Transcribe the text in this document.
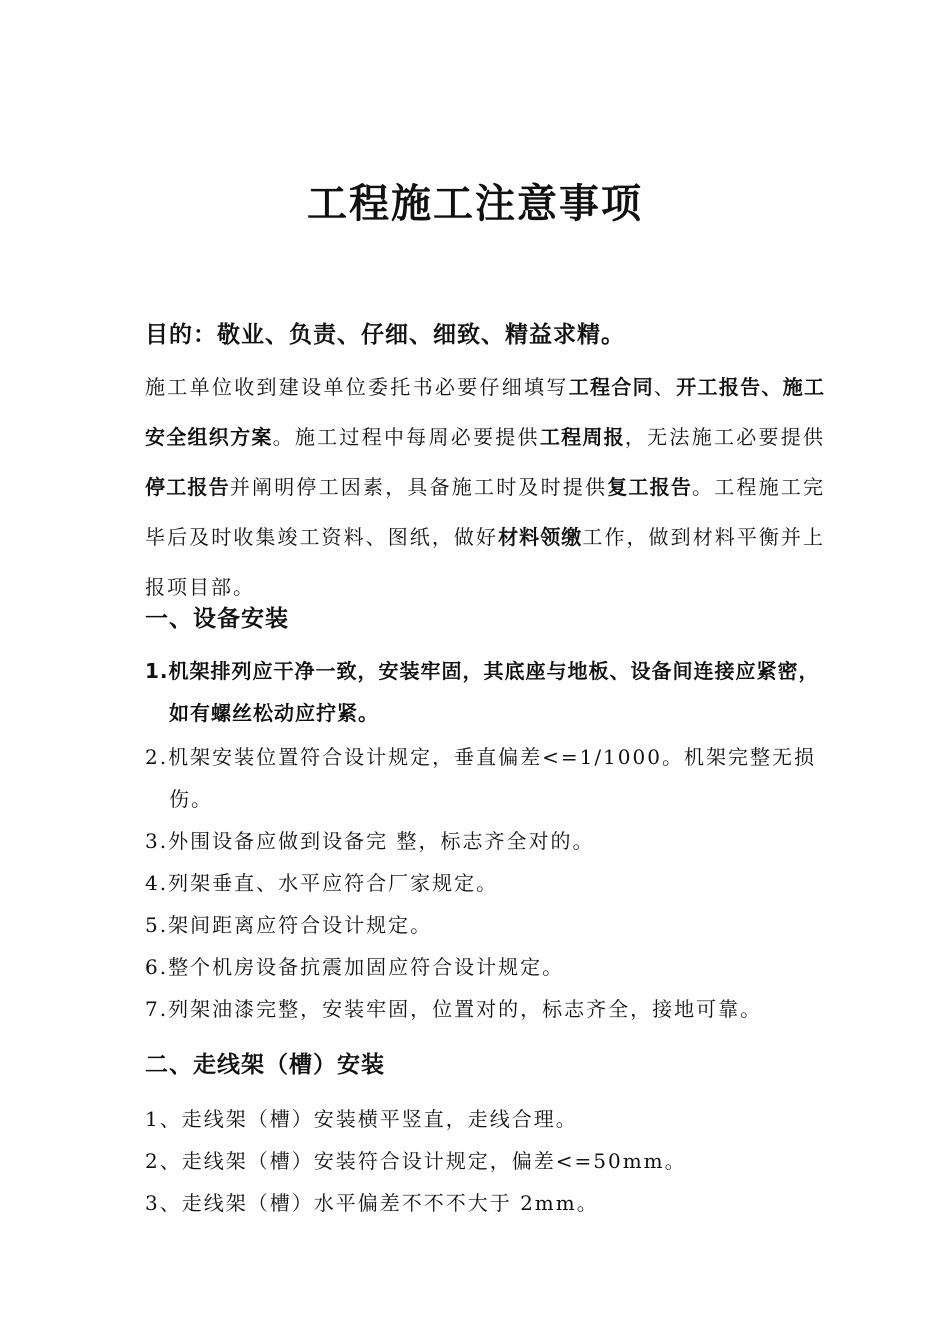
工程施工注意事项
目的：敬业、负责、仔细、细致、精益求精。
施工单位收到建设单位委托书必要仔细填写工程合同、开工报告、施工安全组织方案。施工过程中每周必要提供工程周报，无法施工必要提供停工报告并阐明停工因素，具备施工时及时提供复工报告。工程施工完毕后及时收集竣工资料、图纸，做好材料领缴工作，做到材料平衡并上报项目部。
一、设备安装
1.机架排列应干净一致，安装牢固，其底座与地板、设备间连接应紧密，如有螺丝松动应拧紧。
2.机架安装位置符合设计规定，垂直偏差<=1/1000。机架完整无损伤。
3.外围设备应做到设备完 整，标志齐全对的。
4.列架垂直、水平应符合厂家规定。
5.架间距离应符合设计规定。
6.整个机房设备抗震加固应符合设计规定。
7.列架油漆完整，安装牢固，位置对的，标志齐全，接地可靠。
二、走线架（槽）安装
1、走线架（槽）安装横平竖直，走线合理。
2、走线架（槽）安装符合设计规定，偏差<=50mm。
3、走线架（槽）水平偏差不不不大于 2mm。
